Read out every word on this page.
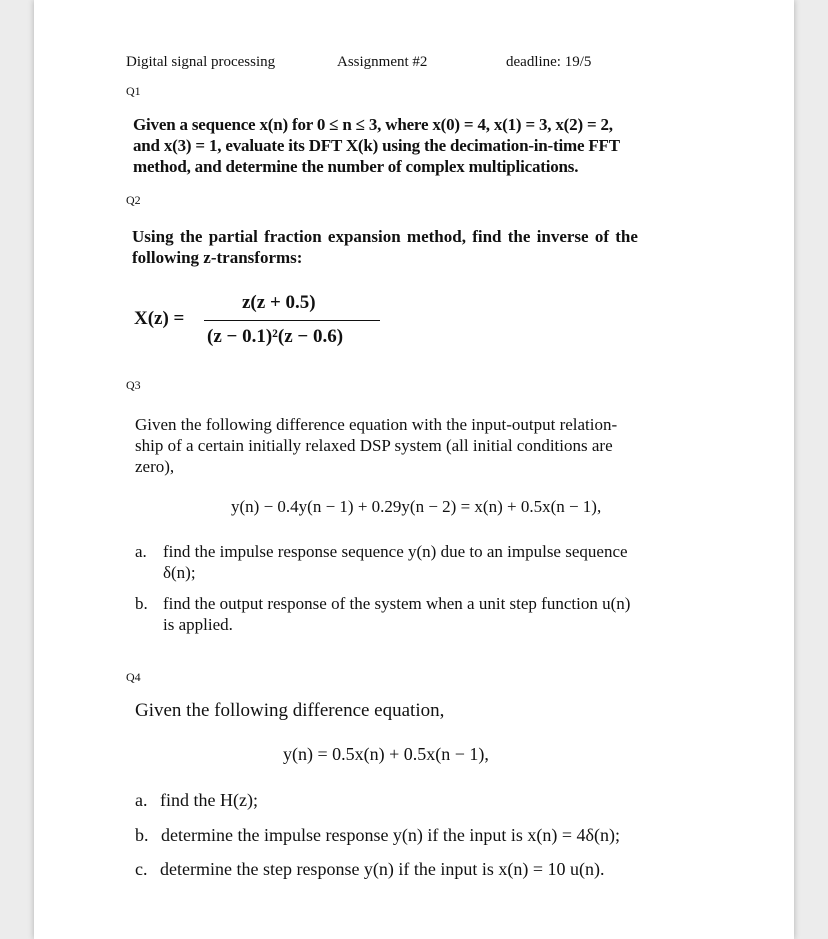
Digital signal processing	Assignment #2	deadline: 19/5
Q1
Given a sequence x(n) for 0 ≤ n ≤ 3, where x(0) = 4, x(1) = 3, x(2) = 2,
and x(3) = 1, evaluate its DFT X(k) using the decimation-in-time FFT
method, and determine the number of complex multiplications.
Q2
Using the partial fraction expansion method, find the inverse of the
following z-transforms:
X(z) =
z(z + 0.5)
(z − 0.1)²(z − 0.6)
Q3
Given the following difference equation with the input-output relation-
ship of a certain initially relaxed DSP system (all initial conditions are
zero),
y(n) − 0.4y(n − 1) + 0.29y(n − 2) = x(n) + 0.5x(n − 1),
a. find the impulse response sequence y(n) due to an impulse sequence
δ(n);
b. find the output response of the system when a unit step function u(n)
is applied.
Q4
Given the following difference equation,
y(n) = 0.5x(n) + 0.5x(n − 1),
a. find the H(z);
b. determine the impulse response y(n) if the input is x(n) = 4δ(n);
c. determine the step response y(n) if the input is x(n) = 10 u(n).
